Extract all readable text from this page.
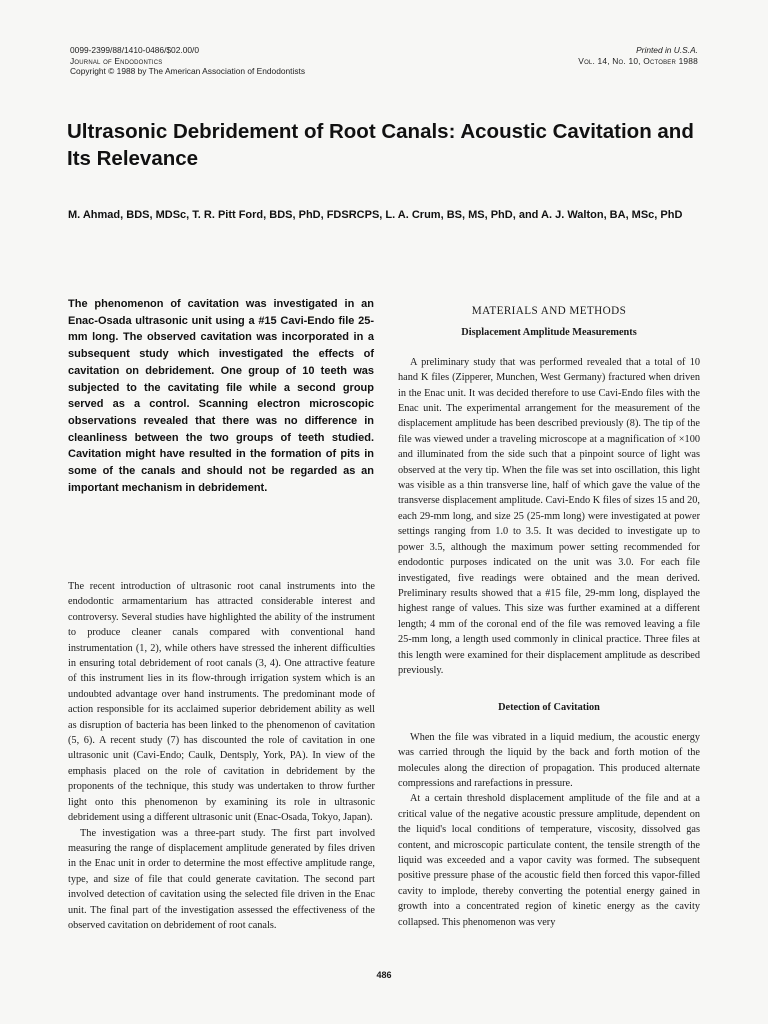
0099-2399/88/1410-0486/$02.00/0
Journal of Endodontics
Copyright © 1988 by The American Association of Endodontists
Printed in U.S.A.
Vol. 14, No. 10, October 1988
Ultrasonic Debridement of Root Canals: Acoustic Cavitation and Its Relevance
M. Ahmad, BDS, MDSc, T. R. Pitt Ford, BDS, PhD, FDSRCPS, L. A. Crum, BS, MS, PhD, and A. J. Walton, BA, MSc, PhD
The phenomenon of cavitation was investigated in an Enac-Osada ultrasonic unit using a #15 Cavi-Endo file 25-mm long. The observed cavitation was incorporated in a subsequent study which investigated the effects of cavitation on debridement. One group of 10 teeth was subjected to the cavitating file while a second group served as a control. Scanning electron microscopic observations revealed that there was no difference in cleanliness between the two groups of teeth studied. Cavitation might have resulted in the formation of pits in some of the canals and should not be regarded as an important mechanism in debridement.

The recent introduction of ultrasonic root canal instruments into the endodontic armamentarium has attracted considerable interest and controversy. Several studies have highlighted the ability of the instrument to produce cleaner canals compared with conventional hand instrumentation (1, 2), while others have stressed the inherent difficulties in ensuring total debridement of root canals (3, 4). One attractive feature of this instrument lies in its flow-through irrigation system which is an undoubted advantage over hand instruments. The predominant mode of action responsible for its acclaimed superior debridement ability as well as disruption of bacteria has been linked to the phenomenon of cavitation (5, 6). A recent study (7) has discounted the role of cavitation in one ultrasonic unit (Cavi-Endo; Caulk, Dentsply, York, PA). In view of the emphasis placed on the role of cavitation in debridement by the proponents of the technique, this study was undertaken to throw further light onto this phenomenon by examining its role in ultrasonic debridement using a different ultrasonic unit (Enac-Osada, Tokyo, Japan).

The investigation was a three-part study. The first part involved measuring the range of displacement amplitude generated by files driven in the Enac unit in order to determine the most effective amplitude range, type, and size of file that could generate cavitation. The second part involved detection of cavitation using the selected file driven in the Enac unit. The final part of the investigation assessed the effectiveness of the observed cavitation on debridement of root canals.

MATERIALS AND METHODS
Displacement Amplitude Measurements

A preliminary study that was performed revealed that a total of 10 hand K files (Zipperer, Munchen, West Germany) fractured when driven in the Enac unit. It was decided therefore to use Cavi-Endo files with the Enac unit. The experimental arrangement for the measurement of the displacement amplitude has been described previously (8). The tip of the file was viewed under a traveling microscope at a magnification of ×100 and illuminated from the side such that a pinpoint source of light was observed at the very tip. When the file was set into oscillation, this light was visible as a thin transverse line, half of which gave the value of the transverse displacement amplitude. Cavi-Endo K files of sizes 15 and 20, each 29-mm long, and size 25 (25-mm long) were investigated at power settings ranging from 1.0 to 3.5. It was decided to investigate up to power 3.5, although the maximum power setting recommended for endodontic purposes indicated on the unit was 3.0. For each file investigated, five readings were obtained and the mean derived. Preliminary results showed that a #15 file, 29-mm long, displayed the highest range of values. This size was further examined at a different length; 4 mm of the coronal end of the file was removed leaving a file 25-mm long, a length used commonly in clinical practice. Three files at this length were examined for their displacement amplitude as described previously.

Detection of Cavitation

When the file was vibrated in a liquid medium, the acoustic energy was carried through the liquid by the back and forth motion of the molecules along the direction of propagation. This produced alternate compressions and rarefactions in pressure.

At a certain threshold displacement amplitude of the file and at a critical value of the negative acoustic pressure amplitude, dependent on the liquid's local conditions of temperature, viscosity, dissolved gas content, and microscopic particulate content, the tensile strength of the liquid was exceeded and a vapor cavity was formed. The subsequent positive pressure phase of the acoustic field then forced this vapor-filled cavity to implode, thereby converting the potential energy gained in growth into a concentrated region of kinetic energy as the cavity collapsed. This phenomenon was very

486
